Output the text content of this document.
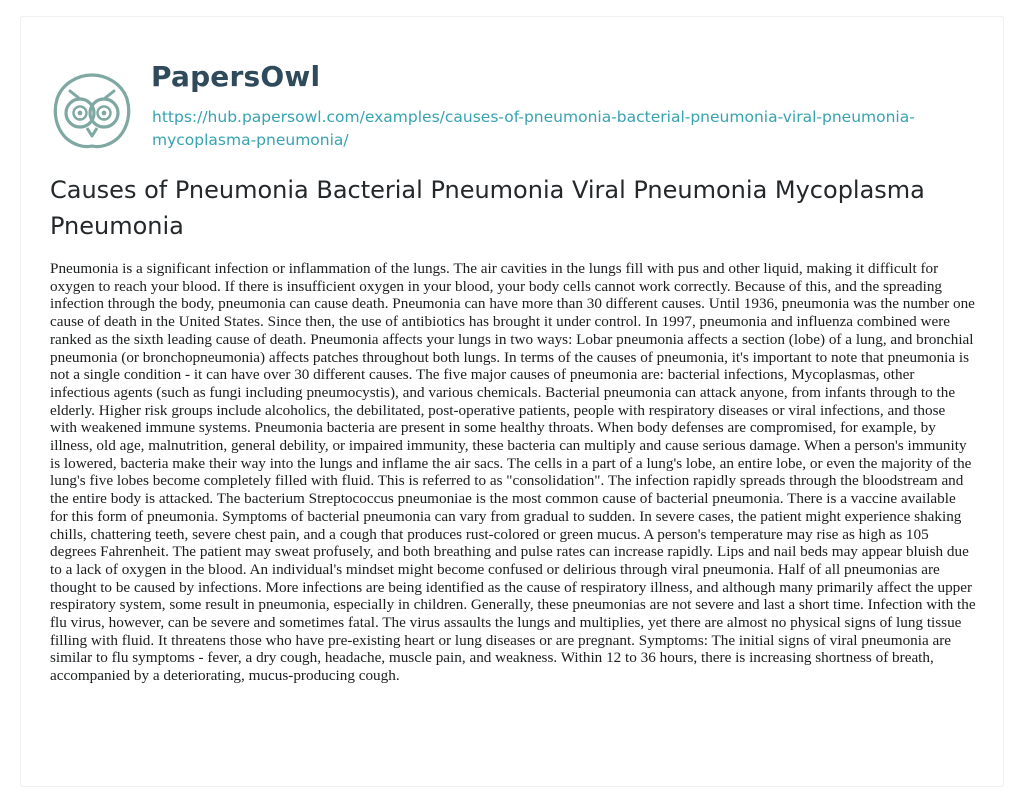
PapersOwl
https://hub.papersowl.com/examples/causes-of-pneumonia-bacterial-pneumonia-viral-pneumonia-mycoplasma-pneumonia/
Causes of Pneumonia Bacterial Pneumonia Viral Pneumonia Mycoplasma Pneumonia

Pneumonia is a significant infection or inflammation of the lungs. The air cavities in the lungs fill with pus and other liquid, making it difficult for oxygen to reach your blood. If there is insufficient oxygen in your blood, your body cells cannot work correctly. Because of this, and the spreading infection through the body, pneumonia can cause death. Pneumonia can have more than 30 different causes. Until 1936, pneumonia was the number one cause of death in the United States. Since then, the use of antibiotics has brought it under control. In 1997, pneumonia and influenza combined were ranked as the sixth leading cause of death. Pneumonia affects your lungs in two ways: Lobar pneumonia affects a section (lobe) of a lung, and bronchial pneumonia (or bronchopneumonia) affects patches throughout both lungs. In terms of the causes of pneumonia, it's important to note that pneumonia is not a single condition - it can have over 30 different causes. The five major causes of pneumonia are: bacterial infections, Mycoplasmas, other infectious agents (such as fungi including pneumocystis), and various chemicals. Bacterial pneumonia can attack anyone, from infants through to the elderly. Higher risk groups include alcoholics, the debilitated, post-operative patients, people with respiratory diseases or viral infections, and those with weakened immune systems. Pneumonia bacteria are present in some healthy throats. When body defenses are compromised, for example, by illness, old age, malnutrition, general debility, or impaired immunity, these bacteria can multiply and cause serious damage. When a person's immunity is lowered, bacteria make their way into the lungs and inflame the air sacs. The cells in a part of a lung's lobe, an entire lobe, or even the majority of the lung's five lobes become completely filled with fluid. This is referred to as "consolidation". The infection rapidly spreads through the bloodstream and the entire body is attacked. The bacterium Streptococcus pneumoniae is the most common cause of bacterial pneumonia. There is a vaccine available for this form of pneumonia. Symptoms of bacterial pneumonia can vary from gradual to sudden. In severe cases, the patient might experience shaking chills, chattering teeth, severe chest pain, and a cough that produces rust-colored or green mucus. A person's temperature may rise as high as 105 degrees Fahrenheit. The patient may sweat profusely, and both breathing and pulse rates can increase rapidly. Lips and nail beds may appear bluish due to a lack of oxygen in the blood. An individual's mindset might become confused or delirious through viral pneumonia. Half of all pneumonias are thought to be caused by infections. More infections are being identified as the cause of respiratory illness, and although many primarily affect the upper respiratory system, some result in pneumonia, especially in children. Generally, these pneumonias are not severe and last a short time. Infection with the flu virus, however, can be severe and sometimes fatal. The virus assaults the lungs and multiplies, yet there are almost no physical signs of lung tissue filling with fluid. It threatens those who have pre-existing heart or lung diseases or are pregnant. Symptoms: The initial signs of viral pneumonia are similar to flu symptoms - fever, a dry cough, headache, muscle pain, and weakness. Within 12 to 36 hours, there is increasing shortness of breath, accompanied by a deteriorating, mucus-producing cough.
